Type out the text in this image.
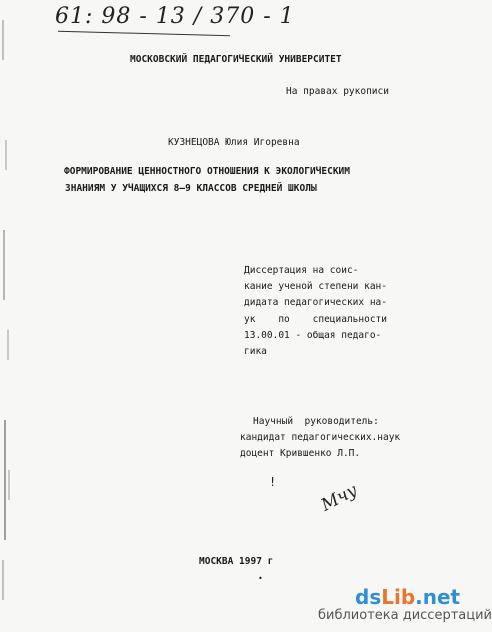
61: 98 - 13 / 370 - 1
МОСКОВСКИЙ ПЕДАГОГИЧЕСКИЙ УНИВЕРСИТЕТ
На правах рукописи
КУЗНЕЦОВА Юлия Игоревна
ФОРМИРОВАНИЕ ЦЕННОСТНОГО ОТНОШЕНИЯ К ЭКОЛОГИЧЕСКИМ
ЗНАНИЯМ У УЧАЩИХСЯ 8—9 КЛАССОВ СРЕДНЕЙ ШКОЛЫ
Диссертация на соис-
кание ученой степени кан-
дидата педагогических на-
ук    по    специальности
13.00.01 - общая педаго-
гика
Научный  руководитель:
кандидат педагогических.наук
доцент Крившенко Л.П.
! Мчу
МОСКВА 1997 г
•
dsLib.net
библиотека диссертаций
